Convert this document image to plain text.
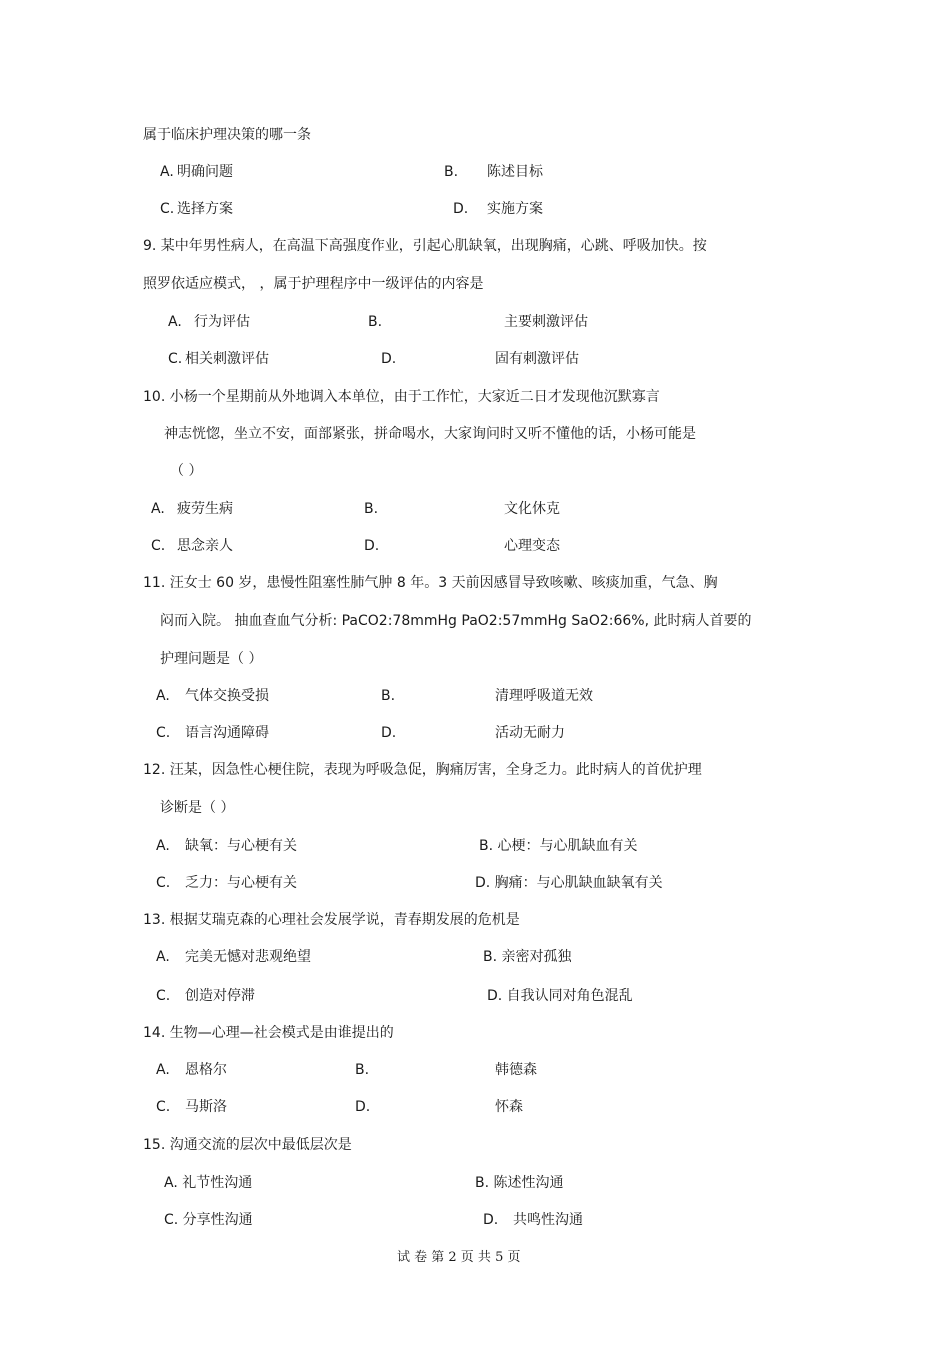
属于临床护理决策的哪一条
A. 明确问题	B. 陈述目标
C. 选择方案	D. 实施方案
9. 某中年男性病人，在高温下高强度作业，引起心肌缺氧，出现胸痛，心跳、呼吸加快。按
照罗依适应模式， ，属于护理程序中一级评估的内容是
A. 行为评估	B.	主要刺激评估
C. 相关刺激评估	D.	固有刺激评估
10. 小杨一个星期前从外地调入本单位，由于工作忙，大家近二日才发现他沉默寡言
神志恍惚，坐立不安，面部紧张，拼命喝水，大家询问时又听不懂他的话，小杨可能是
（ ）
A. 疲劳生病	B.	文化休克
C. 思念亲人	D.	心理变态
11. 汪女士 60 岁，患慢性阻塞性肺气肿 8 年。3 天前因感冒导致咳嗽、咳痰加重，气急、胸
闷而入院。 抽血查血气分析: PaCO2:78mmHg PaO2:57mmHg SaO2:66%, 此时病人首要的
护理问题是（ ）
A. 气体交换受损	B.	清理呼吸道无效
C. 语言沟通障碍	D.	活动无耐力
12. 汪某，因急性心梗住院，表现为呼吸急促，胸痛厉害，全身乏力。此时病人的首优护理
诊断是（ ）
A. 缺氧：与心梗有关	B. 心梗：与心肌缺血有关
C. 乏力：与心梗有关	D. 胸痛：与心肌缺血缺氧有关
13. 根据艾瑞克森的心理社会发展学说，青春期发展的危机是
A. 完美无憾对悲观绝望	B. 亲密对孤独
C. 创造对停滞	D. 自我认同对角色混乱
14. 生物—心理—社会模式是由谁提出的
A. 恩格尔	B.	韩德森
C. 马斯洛	D.	怀森
15. 沟通交流的层次中最低层次是
A. 礼节性沟通	B. 陈述性沟通
C. 分享性沟通	D. 共鸣性沟通
试 卷 第 2 页 共 5 页
